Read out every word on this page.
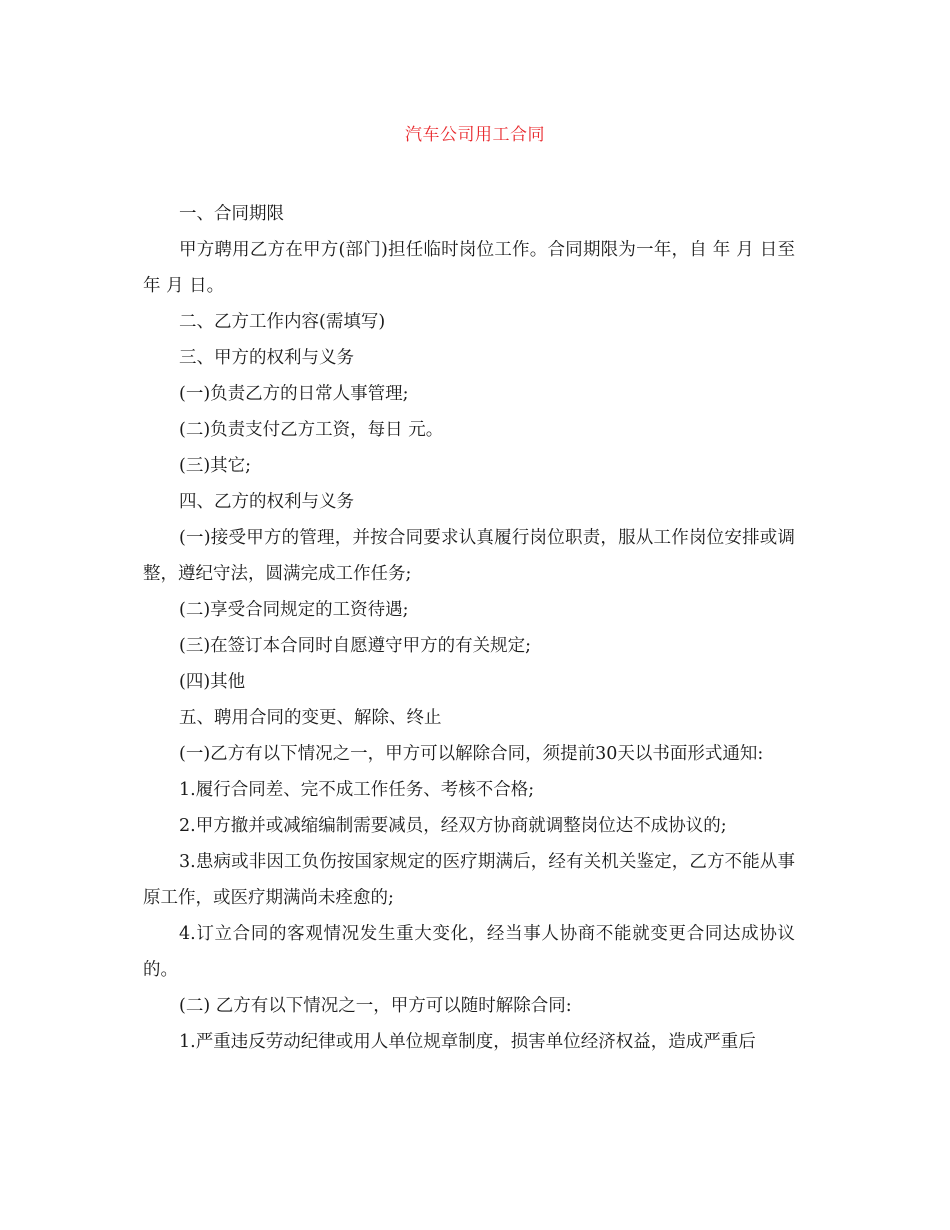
汽车公司用工合同

一、合同期限

甲方聘用乙方在甲方(部门)担任临时岗位工作。合同期限为一年，自 年 月 日至 年 月 日。

二、乙方工作内容(需填写)

三、甲方的权利与义务

(一)负责乙方的日常人事管理;

(二)负责支付乙方工资，每日 元。

(三)其它;

四、乙方的权利与义务

(一)接受甲方的管理，并按合同要求认真履行岗位职责，服从工作岗位安排或调整，遵纪守法，圆满完成工作任务;

(二)享受合同规定的工资待遇;

(三)在签订本合同时自愿遵守甲方的有关规定;

(四)其他

五、聘用合同的变更、解除、终止

(一)乙方有以下情况之一，甲方可以解除合同，须提前30天以书面形式通知:

1.履行合同差、完不成工作任务、考核不合格;

2.甲方撤并或减缩编制需要减员，经双方协商就调整岗位达不成协议的;

3.患病或非因工负伤按国家规定的医疗期满后，经有关机关鉴定，乙方不能从事原工作，或医疗期满尚未痊愈的;

4.订立合同的客观情况发生重大变化，经当事人协商不能就变更合同达成协议的。

(二) 乙方有以下情况之一，甲方可以随时解除合同:

1.严重违反劳动纪律或用人单位规章制度，损害单位经济权益，造成严重后
